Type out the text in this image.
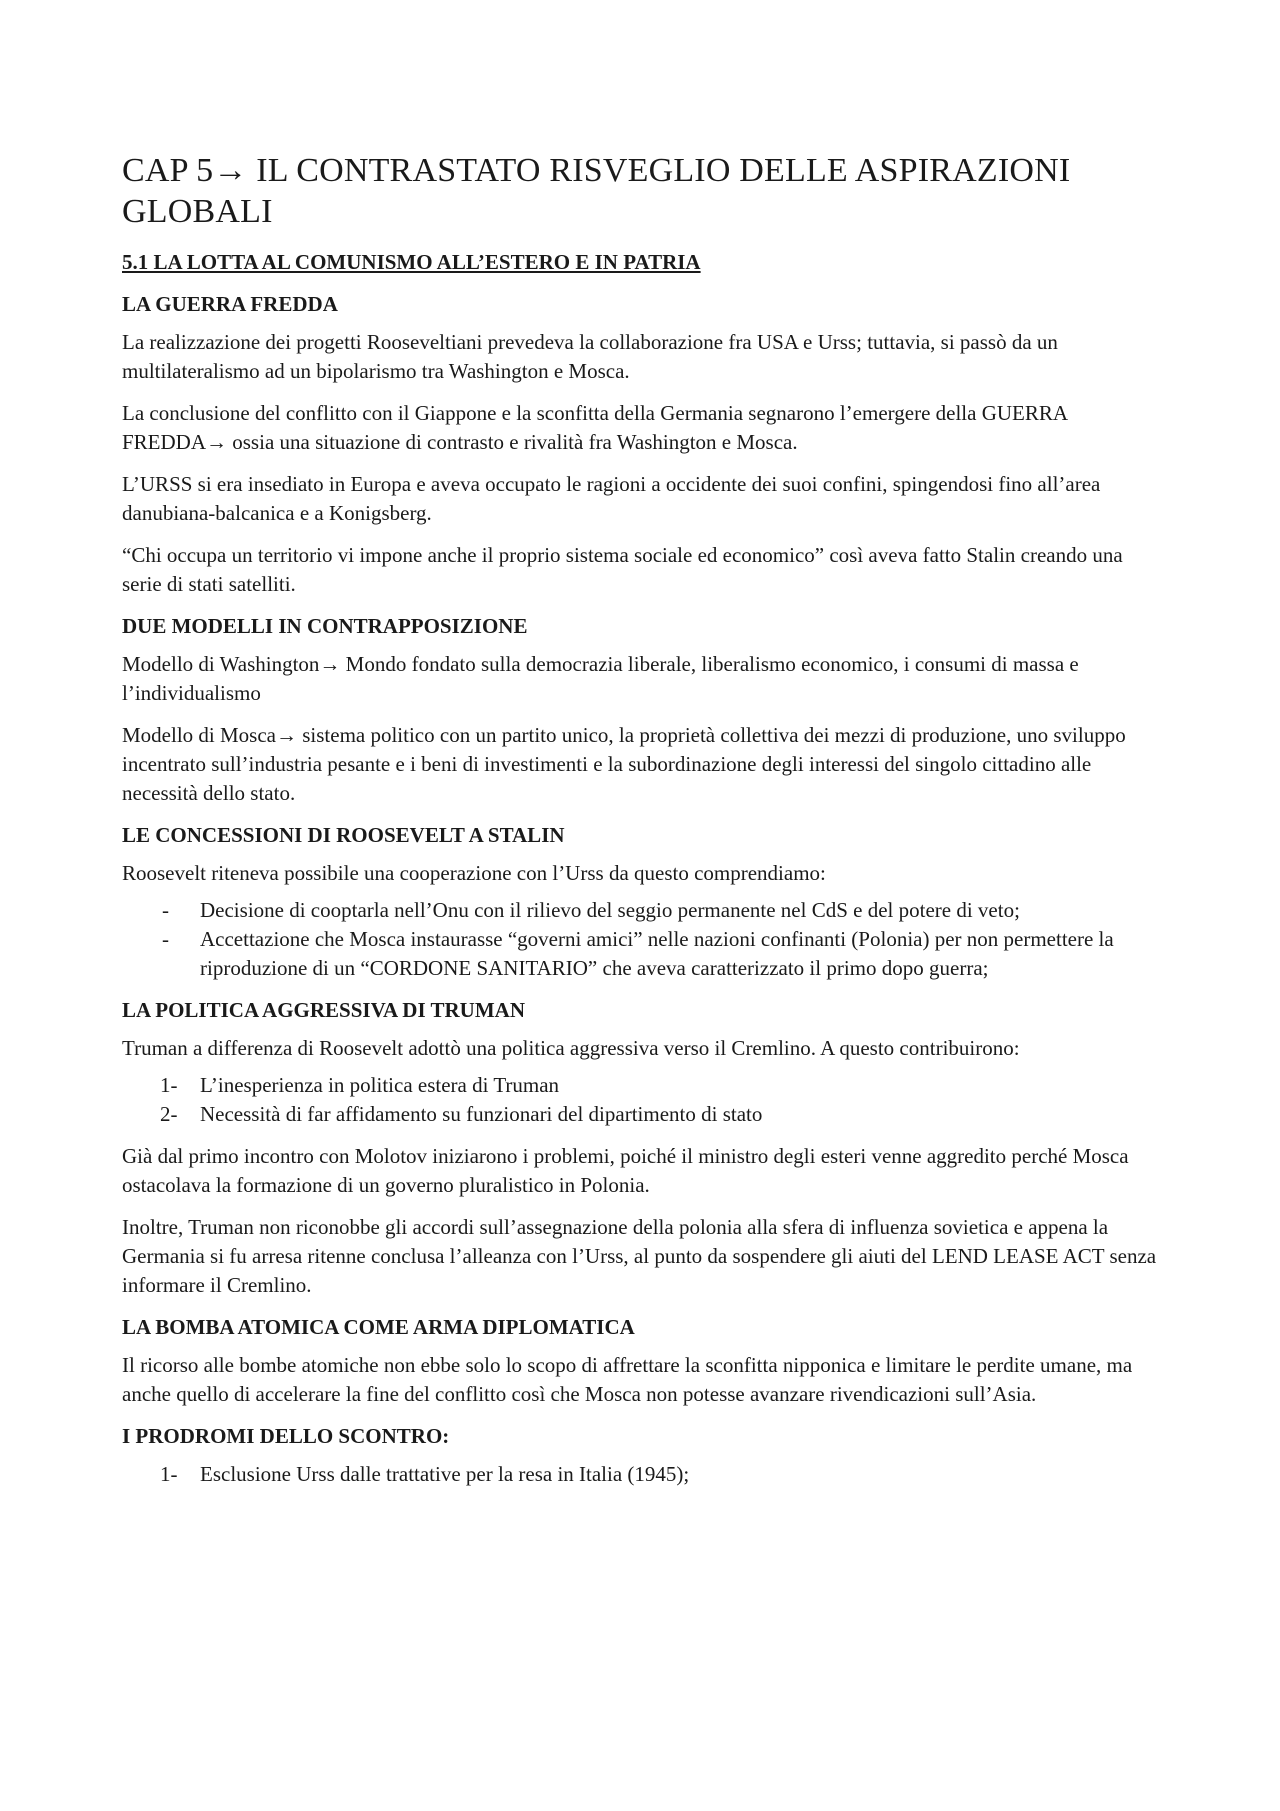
CAP 5→ IL CONTRASTATO RISVEGLIO DELLE ASPIRAZIONI GLOBALI
5.1 LA LOTTA AL COMUNISMO ALL’ESTERO E IN PATRIA
LA GUERRA FREDDA

La realizzazione dei progetti Rooseveltiani prevedeva la collaborazione fra USA e Urss; tuttavia, si passò da un multilateralismo ad un bipolarismo tra Washington e Mosca.

La conclusione del conflitto con il Giappone e la sconfitta della Germania segnarono l’emergere della GUERRA FREDDA→ ossia una situazione di contrasto e rivalità fra Washington e Mosca.

L’URSS si era insediato in Europa e aveva occupato le ragioni a occidente dei suoi confini, spingendosi fino all’area danubiana-balcanica e a Konigsberg.

“Chi occupa un territorio vi impone anche il proprio sistema sociale ed economico” così aveva fatto Stalin creando una serie di stati satelliti.

DUE MODELLI IN CONTRAPPOSIZIONE

Modello di Washington→ Mondo fondato sulla democrazia liberale, liberalismo economico, i consumi di massa e l’individualismo

Modello di Mosca→ sistema politico con un partito unico, la proprietà collettiva dei mezzi di produzione, uno sviluppo incentrato sull’industria pesante e i beni di investimenti e la subordinazione degli interessi del singolo cittadino alle necessità dello stato.

LE CONCESSIONI DI ROOSEVELT A STALIN

Roosevelt riteneva possibile una cooperazione con l’Urss da questo comprendiamo:

- Decisione di cooptarla nell’Onu con il rilievo del seggio permanente nel CdS e del potere di veto;
- Accettazione che Mosca instaurasse “governi amici” nelle nazioni confinanti (Polonia) per non permettere la riproduzione di un “CORDONE SANITARIO” che aveva caratterizzato il primo dopo guerra;
LA POLITICA AGGRESSIVA DI TRUMAN

Truman a differenza di Roosevelt adottò una politica aggressiva verso il Cremlino. A questo contribuirono:

1- L’inesperienza in politica estera di Truman
2- Necessità di far affidamento su funzionari del dipartimento di stato

Già dal primo incontro con Molotov iniziarono i problemi, poiché il ministro degli esteri venne aggredito perché Mosca ostacolava la formazione di un governo pluralistico in Polonia.

Inoltre, Truman non riconobbe gli accordi sull’assegnazione della polonia alla sfera di influenza sovietica e appena la Germania si fu arresa ritenne conclusa l’alleanza con l’Urss, al punto da sospendere gli aiuti del LEND LEASE ACT senza informare il Cremlino.

LA BOMBA ATOMICA COME ARMA DIPLOMATICA

Il ricorso alle bombe atomiche non ebbe solo lo scopo di affrettare la sconfitta nipponica e limitare le perdite umane, ma anche quello di accelerare la fine del conflitto così che Mosca non potesse avanzare rivendicazioni sull’Asia.

I PRODROMI DELLO SCONTRO:
1- Esclusione Urss dalle trattative per la resa in Italia (1945);
